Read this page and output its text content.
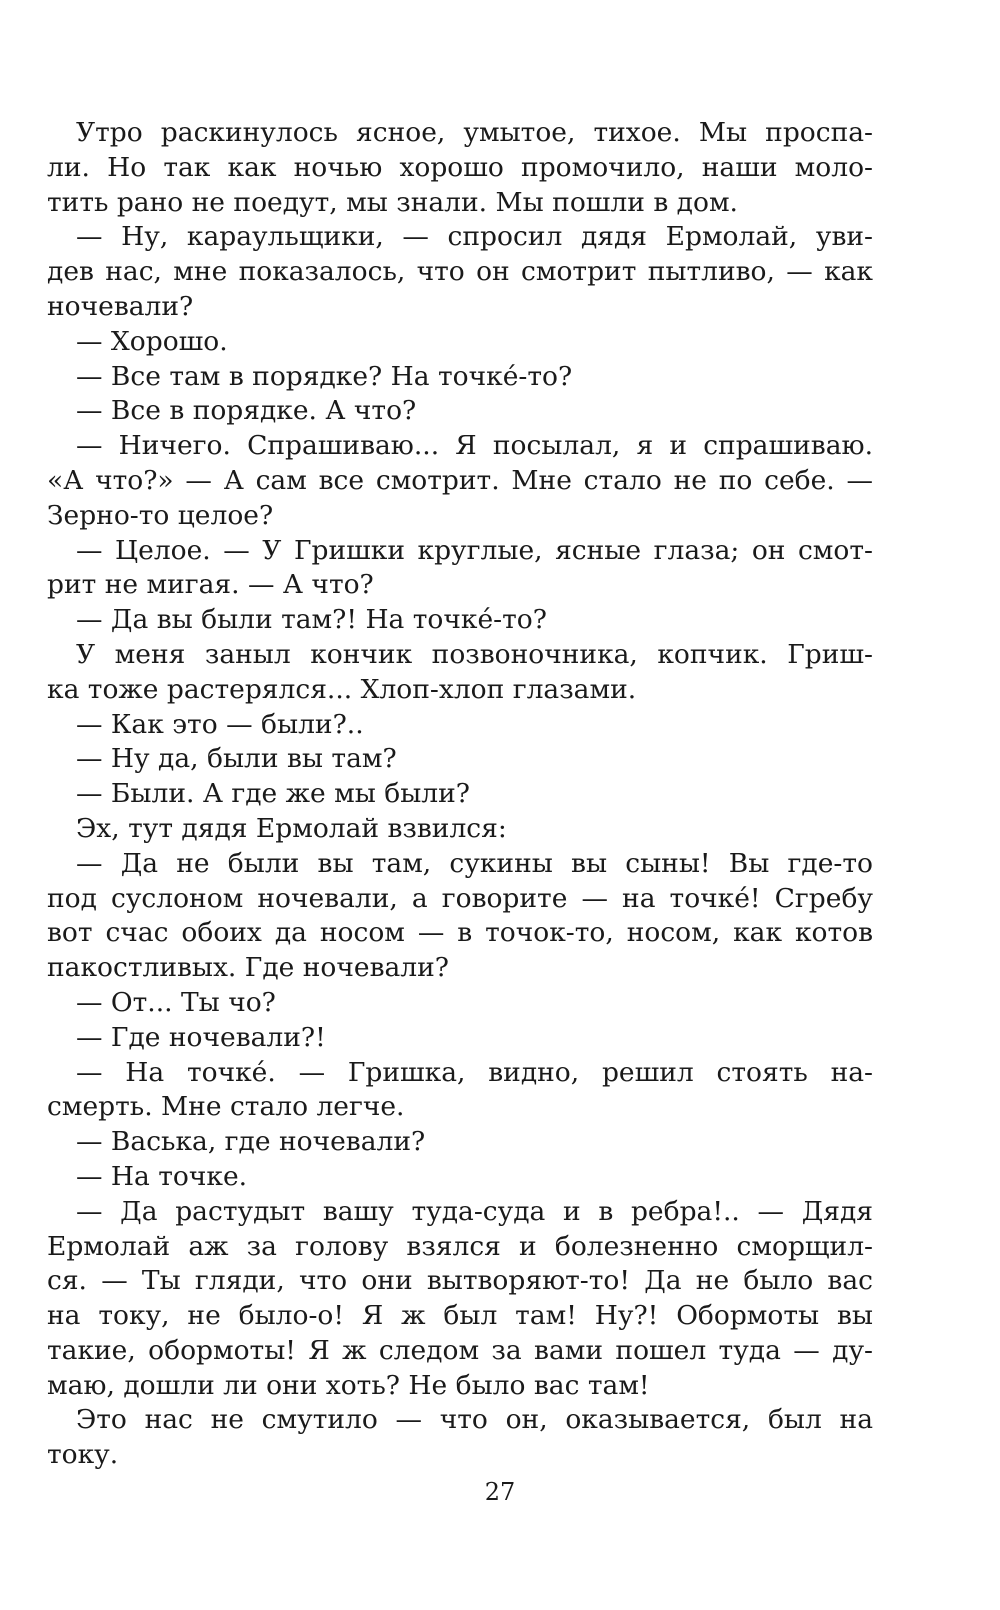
Утро раскинулось ясное, умытое, тихое. Мы проспа-
ли. Но так как ночью хорошо промочило, наши моло-
тить рано не поедут, мы знали. Мы пошли в дом.
— Ну, караульщики, — спросил дядя Ермолай, уви-
дев нас, мне показалось, что он смотрит пытливо, — как
ночевали?
— Хорошо.
— Все там в порядке? На точке́-то?
— Все в порядке. А что?
— Ничего. Спрашиваю... Я посылал, я и спрашиваю.
«А что?» — А сам все смотрит. Мне стало не по себе. —
Зерно-то целое?
— Целое. — У Гришки круглые, ясные глаза; он смот-
рит не мигая. — А что?
— Да вы были там?! На точке́-то?
У меня заныл кончик позвоночника, копчик. Гриш-
ка тоже растерялся... Хлоп-хлоп глазами.
— Как это — были?..
— Ну да, были вы там?
— Были. А где же мы были?
Эх, тут дядя Ермолай взвился:
— Да не были вы там, сукины вы сыны! Вы где-то
под суслоном ночевали, а говорите — на точке́! Сгребу
вот счас обоих да носом — в точок-то, носом, как котов
пакостливых. Где ночевали?
— От... Ты чо?
— Где ночевали?!
— На точке́. — Гришка, видно, решил стоять на-
смерть. Мне стало легче.
— Васька, где ночевали?
— На точке.
— Да растудыт вашу туда-суда и в ребра!.. — Дядя
Ермолай аж за голову взялся и болезненно сморщил-
ся. — Ты гляди, что они вытворяют-то! Да не было вас
на току, не было-о! Я ж был там! Ну?! Обормоты вы
такие, обормоты! Я ж следом за вами пошел туда — ду-
маю, дошли ли они хоть? Не было вас там!
Это нас не смутило — что он, оказывается, был на
току.
27
